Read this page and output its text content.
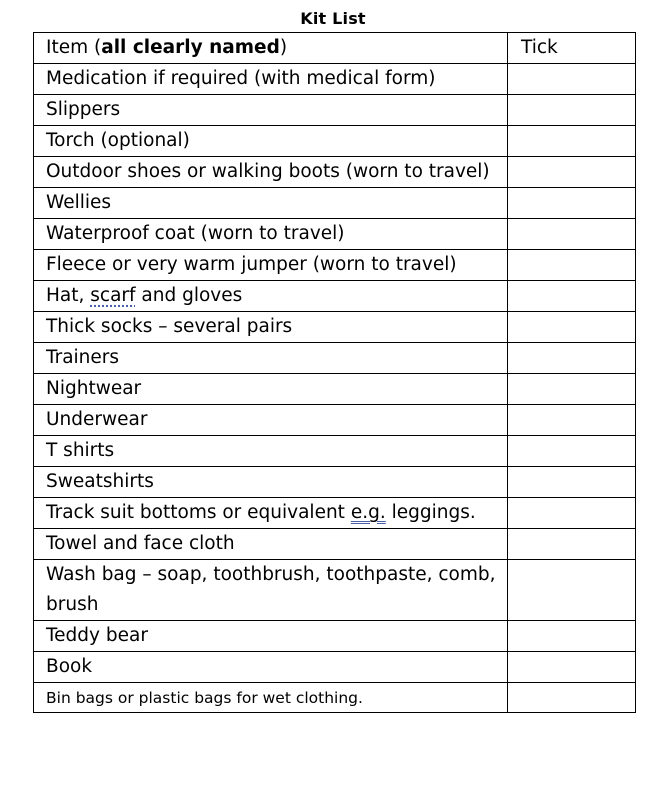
Kit List
Item (all clearly named)	Tick
Medication if required (with medical form)	
Slippers	
Torch (optional)	
Outdoor shoes or walking boots (worn to travel)	
Wellies	
Waterproof coat (worn to travel)	
Fleece or very warm jumper (worn to travel)	
Hat, scarf and gloves	
Thick socks – several pairs	
Trainers	
Nightwear	
Underwear	
T shirts	
Sweatshirts	
Track suit bottoms or equivalent e.g. leggings.	
Towel and face cloth	
Wash bag – soap, toothbrush, toothpaste, comb, brush	
Teddy bear	
Book	
Bin bags or plastic bags for wet clothing.	
